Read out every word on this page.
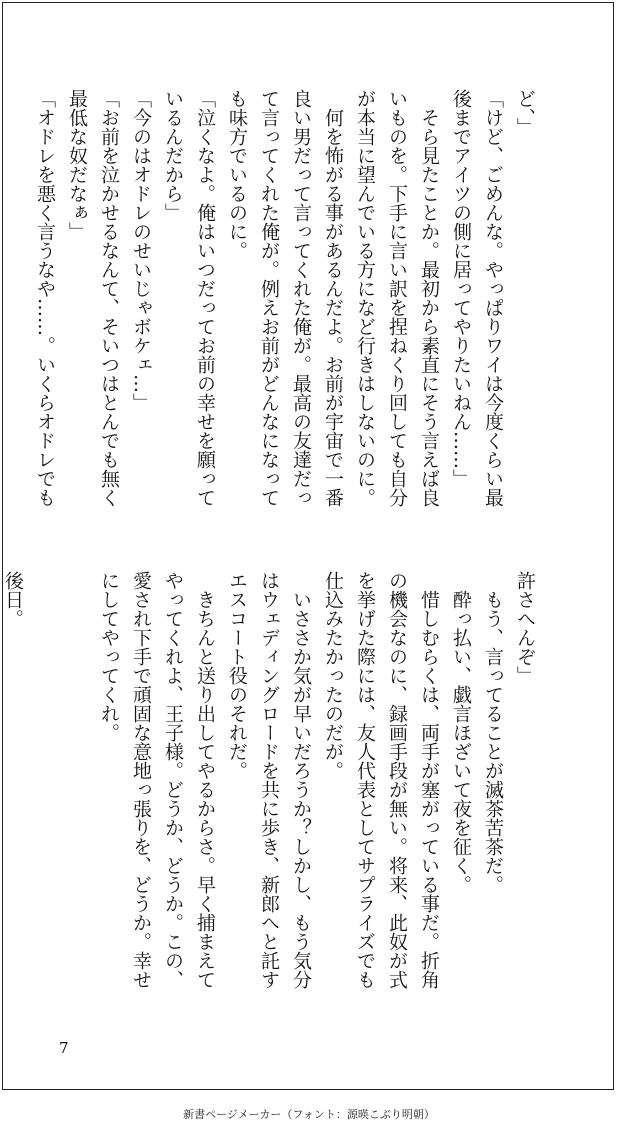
ど、」
「けど、ごめんな。やっぱりワイは今度くらい最
後までアイツの側に居ってやりたいねん……」
　そら見たことか。最初から素直にそう言えば良
いものを。下手に言い訳を捏ねくり回しても自分
が本当に望んでいる方になど行きはしないのに。
　何を怖がる事があるんだよ。お前が宇宙で一番
良い男だって言ってくれた俺が。最高の友達だっ
て言ってくれた俺が。例えお前がどんなになって
も味方でいるのに。
「泣くなよ。俺はいつだってお前の幸せを願って
いるんだから」
「今のはオドレのせいじゃボケェ…」
「お前を泣かせるなんて、そいつはとんでも無く
最低な奴だなぁ」
「オドレを悪く言うなや……。いくらオドレでも
許さへんぞ」
　もう、言ってることが滅茶苦茶だ。
　酔っ払い、戯言ほざいて夜を征く。
　惜しむらくは、両手が塞がっている事だ。折角
の機会なのに、録画手段が無い。将来、此奴が式
を挙げた際には、友人代表としてサプライズでも
仕込みたかったのだが。
　いささか気が早いだろうか？しかし、もう気分
はウェディングロードを共に歩き、新郎へと託す
エスコート役のそれだ。
　きちんと送り出してやるからさ。早く捕まえて
やってくれよ、王子様。どうか、どうか。この、
愛され下手で頑固な意地っ張りを、どうか。幸せ
にしてやってくれ。

後日。
7
新書ページメーカー（フォント：源暎こぶり明朝）
